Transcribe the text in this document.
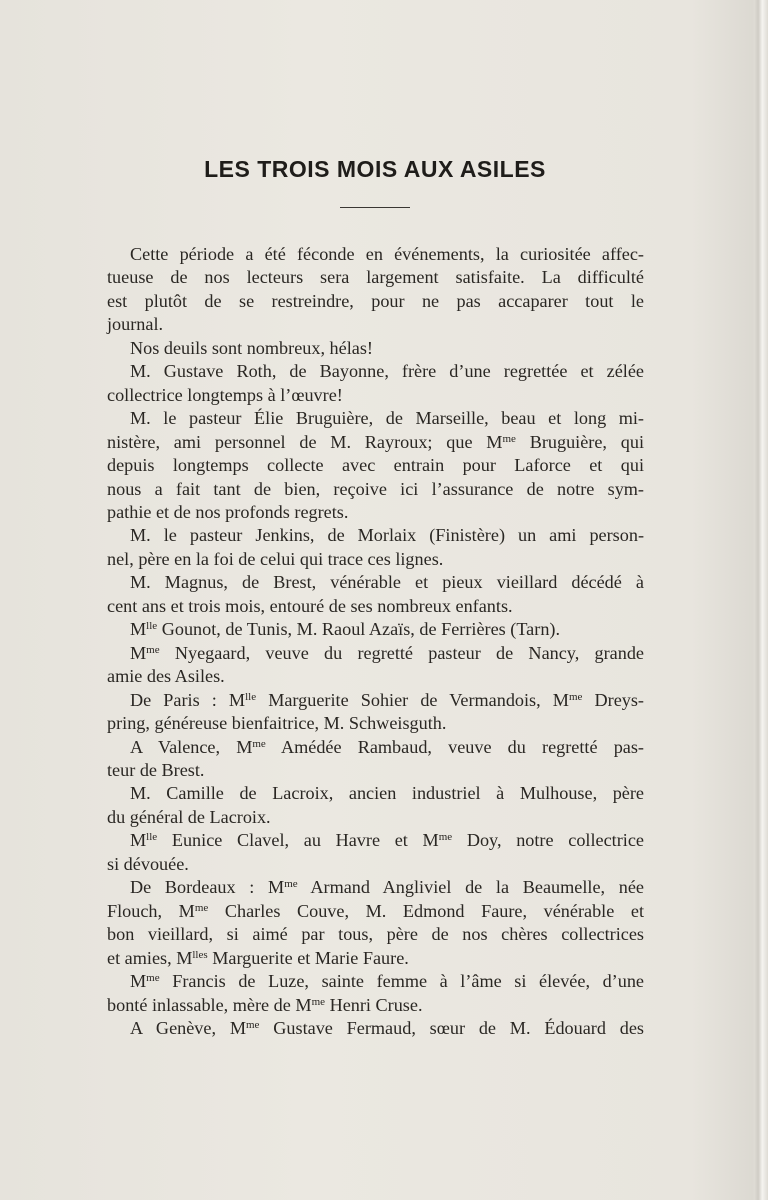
LES TROIS MOIS AUX ASILES
Cette période a été féconde en événements, la curiositée affec-
tueuse de nos lecteurs sera largement satisfaite. La difficulté
est plutôt de se restreindre, pour ne pas accaparer tout le
journal.
Nos deuils sont nombreux, hélas!
M. Gustave Roth, de Bayonne, frère d’une regrettée et zélée
collectrice longtemps à l’œuvre!
M. le pasteur Élie Bruguière, de Marseille, beau et long mi-
nistère, ami personnel de M. Rayroux; que $M^{me}$ Bruguière, qui
depuis longtemps collecte avec entrain pour Laforce et qui
nous a fait tant de bien, reçoive ici l’assurance de notre sym-
pathie et de nos profonds regrets.
M. le pasteur Jenkins, de Morlaix (Finistère) un ami person-
nel, père en la foi de celui qui trace ces lignes.
M. Magnus, de Brest, vénérable et pieux vieillard décédé à
cent ans et trois mois, entouré de ses nombreux enfants.
$M^{lle}$ Gounot, de Tunis, M. Raoul Azaïs, de Ferrières (Tarn).
$M^{me}$ Nyegaard, veuve du regretté pasteur de Nancy, grande
amie des Asiles.
De Paris : $M^{lle}$ Marguerite Sohier de Vermandois, $M^{me}$ Dreys-
pring, généreuse bienfaitrice, M. Schweisguth.
A Valence, $M^{me}$ Amédée Rambaud, veuve du regretté pas-
teur de Brest.
M. Camille de Lacroix, ancien industriel à Mulhouse, père
du général de Lacroix.
$M^{lle}$ Eunice Clavel, au Havre et $M^{me}$ Doy, notre collectrice
si dévouée.
De Bordeaux : $M^{me}$ Armand Angliviel de la Beaumelle, née
Flouch, $M^{me}$ Charles Couve, M. Edmond Faure, vénérable et
bon vieillard, si aimé par tous, père de nos chères collectrices
et amies, $M^{lles}$ Marguerite et Marie Faure.
$M^{me}$ Francis de Luze, sainte femme à l’âme si élevée, d’une
bonté inlassable, mère de $M^{me}$ Henri Cruse.
A Genève, $M^{me}$ Gustave Fermaud, sœur de M. Édouard des
